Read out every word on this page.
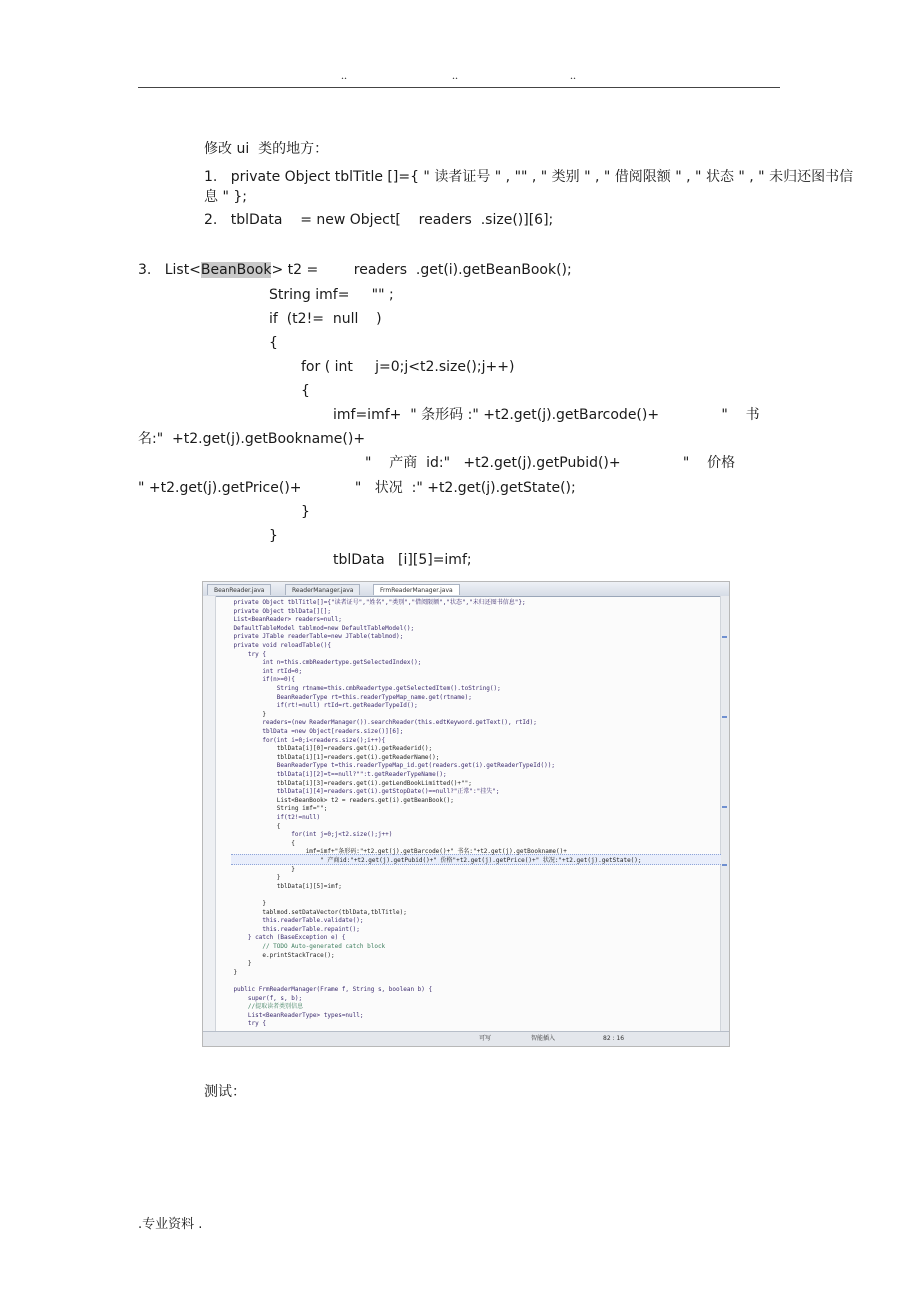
..	..	..
修改 ui  类的地方：
1.   private Object tblTitle []={ " 读者证号 " , "" , " 类别 " , " 借阅限额 " , " 状态 " , " 未归还图书信
息 " };
2.   tblData    = new Object[    readers  .size()][6];
3.   List<BeanBook> t2 =        readers  .get(i).getBeanBook();
String imf=     "" ;
if  (t2!=  null    )
{
for ( int     j=0;j<t2.size();j++)
{
imf=imf+  " 条形码 :" +t2.get(j).getBarcode()+              "    书
名:"  +t2.get(j).getBookname()+
"    产商  id:"   +t2.get(j).getPubid()+              "    价格
" +t2.get(j).getPrice()+            "   状况  :" +t2.get(j).getState();
}
}
tblData   [i][5]=imf;
BeanReader.java	ReaderManager.java	FrmReaderManager.java
private Object tblTitle[]={"读者证号","姓名","类别","借阅限额","状态","未归还图书信息"};
private Object tblData[][];
List<BeanReader> readers=null;
DefaultTableModel tablmod=new DefaultTableModel();
private JTable readerTable=new JTable(tablmod);
private void reloadTable(){
try {
int n=this.cmbReadertype.getSelectedIndex();
int rtId=0;
if(n>=0){
String rtname=this.cmbReadertype.getSelectedItem().toString();
BeanReaderType rt=this.readerTypeMap_name.get(rtname);
if(rt!=null) rtId=rt.getReaderTypeId();
}
readers=(new ReaderManager()).searchReader(this.edtKeyword.getText(), rtId);
tblData =new Object[readers.size()][6];
for(int i=0;i<readers.size();i++){
tblData[i][0]=readers.get(i).getReaderid();
tblData[i][1]=readers.get(i).getReaderName();
BeanReaderType t=this.readerTypeMap_id.get(readers.get(i).getReaderTypeId());
tblData[i][2]=t==null?"":t.getReaderTypeName();
tblData[i][3]=readers.get(i).getLendBookLimitted()+"";
tblData[i][4]=readers.get(i).getStopDate()==null?"正常":"挂失";
List<BeanBook> t2 = readers.get(i).getBeanBook();
String imf="";
if(t2!=null)
{
for(int j=0;j<t2.size();j++)
{
imf=imf+"条形码:"+t2.get(j).getBarcode()+" 书名:"+t2.get(j).getBookname()+
" 产商id:"+t2.get(j).getPubid()+" 价格"+t2.get(j).getPrice()+" 状况:"+t2.get(j).getState();
}
}
tblData[i][5]=imf;
}
tablmod.setDataVector(tblData,tblTitle);
this.readerTable.validate();
this.readerTable.repaint();
} catch (BaseException e) {
// TODO Auto-generated catch block
e.printStackTrace();
}
}
public FrmReaderManager(Frame f, String s, boolean b) {
super(f, s, b);
//提取读者类别信息
List<BeanReaderType> types=null;
try {
可写	智能插入	82 : 16
测试：
.专业资料 .
